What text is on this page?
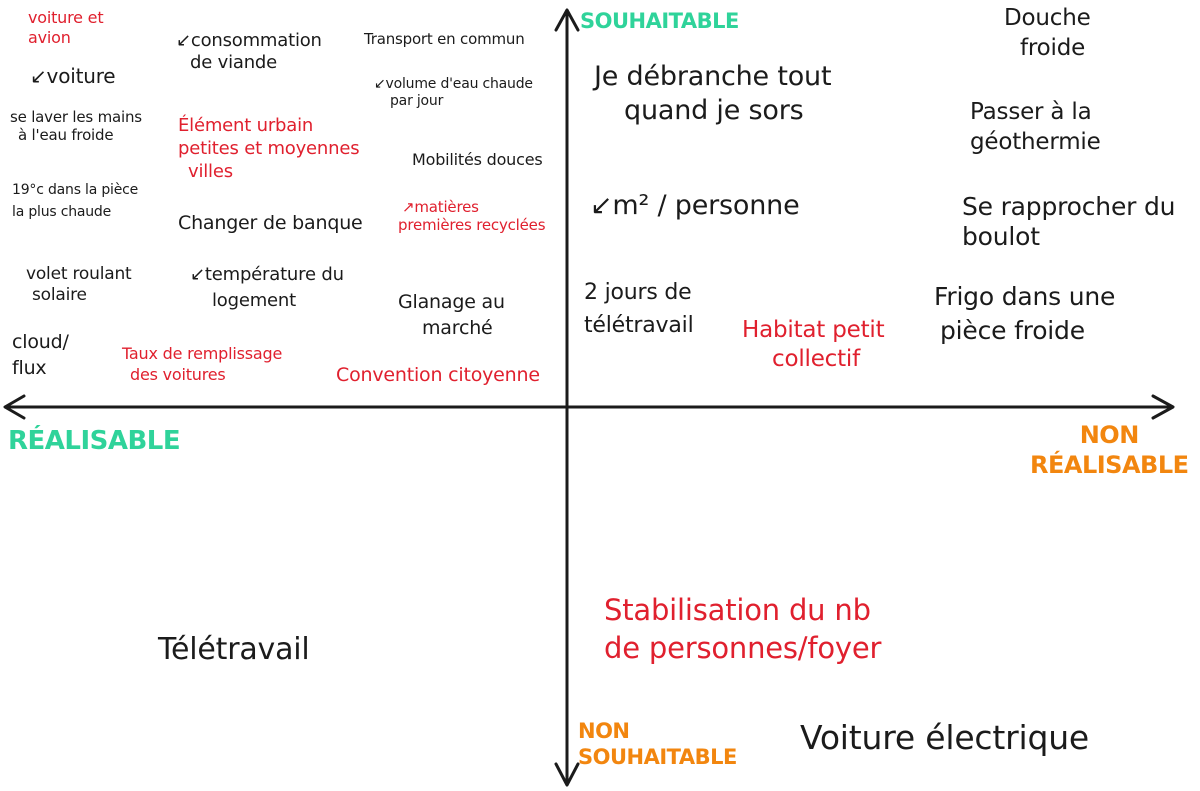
SOUHAITABLE

RÉALISABLE	NON
RÉALISABLE

NON
SOUHAITABLE

voiture et
avion	↙consommation
de viande

Transport en commun

↙voiture	↙volume d'eau chaude
par jour

se laver les mains
à l'eau froide	Élément urbain
petites et moyennes
villes

Mobilités douces

19°c dans la pièce
la plus chaude	↗matières
premières recyclées

Changer de banque

volet roulant
solaire

↙température du
logement	Glanage au
marché

cloud/
flux

Taux de remplissage
des voitures	Convention citoyenne

Je débranche tout
quand je sors

↙m² / personne

2 jours de
télétravail Habitat petit
collectif

Douche
froide

Passer à la
géothermie

Se rapprocher du
boulot

Frigo dans une
pièce froide

Télétravail

Stabilisation du nb
de personnes/foyer

Voiture électrique
